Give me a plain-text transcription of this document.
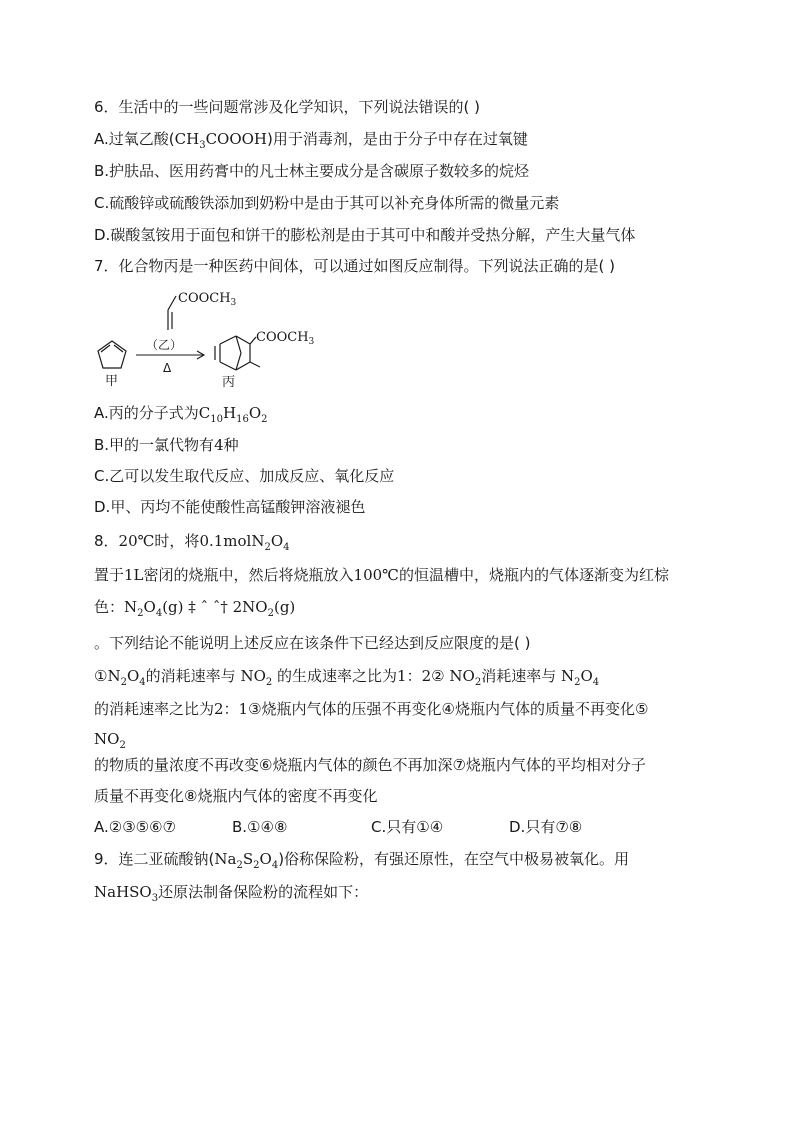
6．生活中的一些问题常涉及化学知识，下列说法错误的( )
A.过氧乙酸$(CH_3COOOH)$用于消毒剂，是由于分子中存在过氧键
B.护肤品、医用药膏中的凡士林主要成分是含碳原子数较多的烷烃
C.硫酸锌或硫酸铁添加到奶粉中是由于其可以补充身体所需的微量元素
D.碳酸氢铵用于面包和饼干的膨松剂是由于其可中和酸并受热分解，产生大量气体
7．化合物丙是一种医药中间体，可以通过如图反应制得。下列说法正确的是( )
$COOCH_3$
甲
（乙）
Δ
$COOCH_3$
丙
A.丙的分子式为$C_{10}H_{16}O_2$
B.甲的一氯代物有4种
C.乙可以发生取代反应、加成反应、氧化反应
D.甲、丙均不能使酸性高锰酸钾溶液褪色
8．20℃时，将$0.1molN_2O_4$
置于1L密闭的烧瓶中，然后将烧瓶放入100℃的恒温槽中，烧瓶内的气体逐渐变为红棕
色：$N_2O_4(g)$ ‡ ˆ ˆ† $2NO_2(g)$
。下列结论不能说明上述反应在该条件下已经达到反应限度的是( )
$①N_2O_4$的消耗速率与 $NO_2$ 的生成速率之比为1：2② $NO_2$消耗速率与 $N_2O_4$
的消耗速率之比为2：1③烧瓶内气体的压强不再变化④烧瓶内气体的质量不再变化⑤
$NO_2$
的物质的量浓度不再改变⑥烧瓶内气体的颜色不再加深⑦烧瓶内气体的平均相对分子
质量不再变化⑧烧瓶内气体的密度不再变化
A.②③⑤⑥⑦	B.①④⑧	C.只有①④	D.只有⑦⑧
9．连二亚硫酸钠$(Na_2S_2O_4)$俗称保险粉，有强还原性，在空气中极易被氧化。用
NaHSO$_3$还原法制备保险粉的流程如下：
